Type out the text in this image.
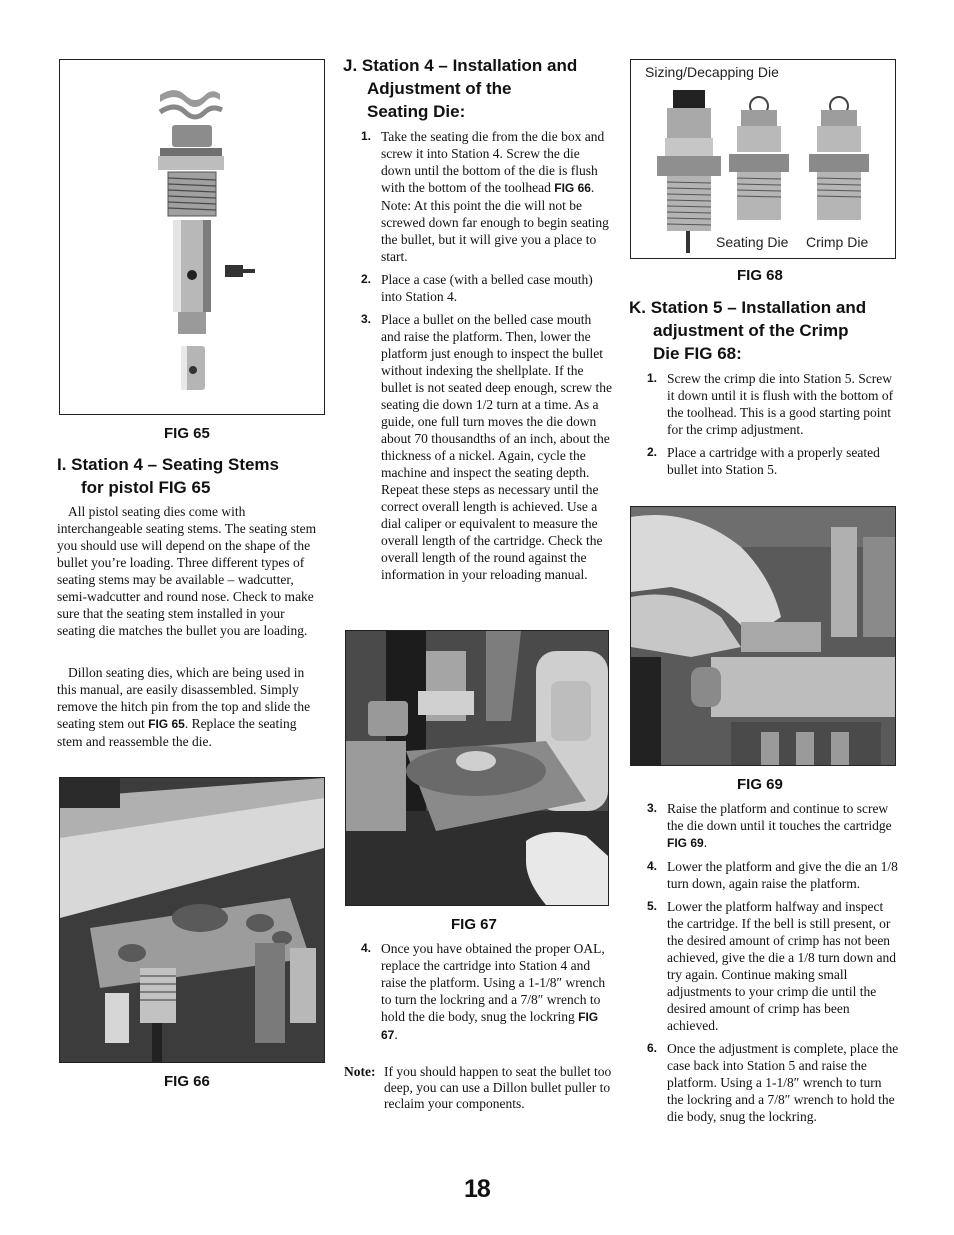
FIG 65
I. Station 4 – Seating Stems
for pistol FIG 65

All pistol seating dies come with interchangeable seating stems. The seating stem you should use will depend on the shape of the bullet you’re loading. Three different types of seating stems may be available – wadcutter, semi-wadcutter and round nose. Check to make sure that the seating stem installed in your seating die matches the bullet you are loading.

Dillon seating dies, which are being used in this manual, are easily disassembled. Simply remove the hitch pin from the top and slide the seating stem out FIG 65. Replace the seating stem and reassemble the die.

FIG 66
J. Station 4 – Installation and
Adjustment of the
Seating Die:
1. Take the seating die from the die box and screw it into Station 4. Screw the die down until the bottom of the die is flush with the bottom of the toolhead FIG 66. Note: At this point the die will not be screwed down far enough to begin seating the bullet, but it will give you a place to start.
2. Place a case (with a belled case mouth) into Station 4.
3. Place a bullet on the belled case mouth and raise the platform. Then, lower the platform just enough to inspect the bullet without indexing the shellplate. If the bullet is not seated deep enough, screw the seating die down 1/2 turn at a time. As a guide, one full turn moves the die down about 70 thousandths of an inch, about the thickness of a nickel. Again, cycle the machine and inspect the seating depth. Repeat these steps as necessary until the correct overall length is achieved. Use a dial caliper or equivalent to measure the overall length of the cartridge. Check the overall length of the round against the information in your reloading manual.
FIG 67
4. Once you have obtained the proper OAL, replace the cartridge into Station 4 and raise the platform. Using a 1-1/8″ wrench to turn the lockring and a 7/8″ wrench to hold the die body, snug the lockring FIG 67.
Note: If you should happen to seat the bullet too deep, you can use a Dillon bullet puller to reclaim your components.
Sizing/Decapping Die
Seating Die Crimp Die
FIG 68
K. Station 5 – Installation and
adjustment of the Crimp
Die FIG 68:
1. Screw the crimp die into Station 5. Screw it down until it is flush with the bottom of the toolhead. This is a good starting point for the crimp adjustment.
2. Place a cartridge with a properly seated bullet into Station 5.
FIG 69
3. Raise the platform and continue to screw the die down until it touches the cartridge FIG 69.
4. Lower the platform and give the die an 1/8 turn down, again raise the platform.
5. Lower the platform halfway and inspect the cartridge. If the bell is still present, or the desired amount of crimp has not been achieved, give the die a 1/8 turn down and try again. Continue making small adjustments to your crimp die until the desired amount of crimp has been achieved.
6. Once the adjustment is complete, place the case back into Station 5 and raise the platform. Using a 1-1/8″ wrench to turn the lockring and a 7/8″ wrench to hold the die body, snug the lockring.
18
